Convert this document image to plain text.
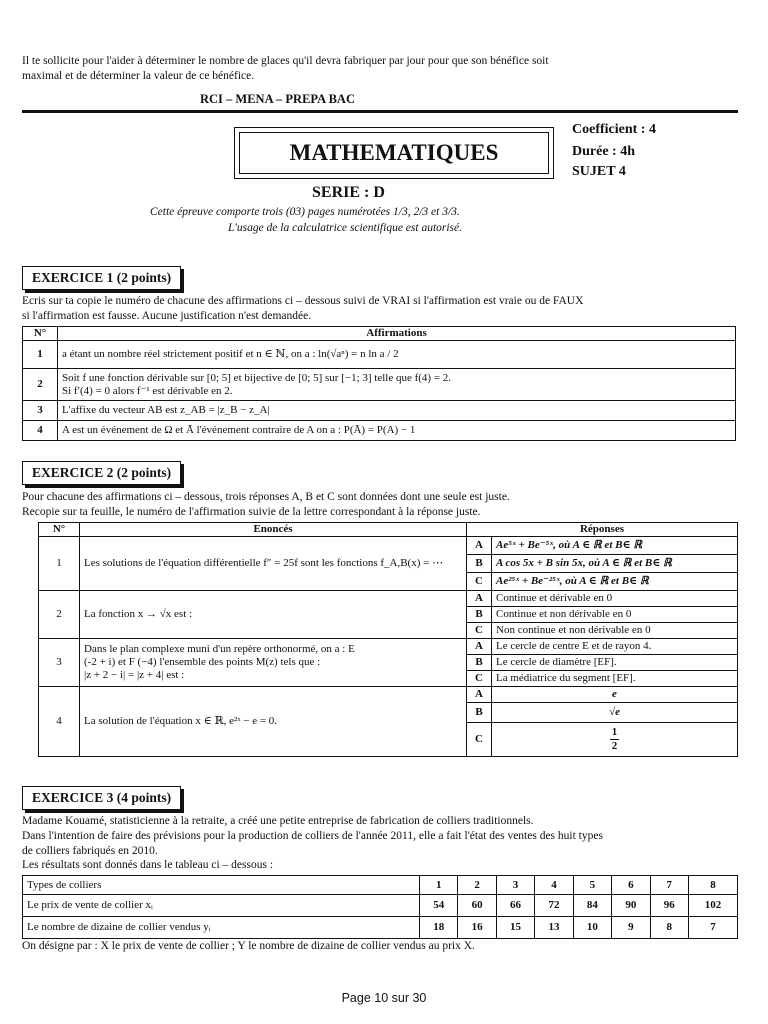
Il te sollicite pour l'aider à déterminer le nombre de glaces qu'il devra fabriquer par jour pour que son bénéfice soit
maximal et de déterminer la valeur de ce bénéfice.
RCI – MENA – PREPA BAC
MATHEMATIQUES
Coefficient : 4
Durée : 4h
SUJET 4
SERIE : D
Cette épreuve comporte trois (03) pages numérotées 1/3, 2/3 et 3/3.
L'usage de la calculatrice scientifique est autorisé.
EXERCICE 1 (2 points)
Ecris sur ta copie le numéro de chacune des affirmations ci – dessous suivi de VRAI si l'affirmation est vraie ou de FAUX
si l'affirmation est fausse. Aucune justification n'est demandée.
N°	Affirmations
1	a étant un nombre réel strictement positif et n ∈ ℕ, on a : ln(√aⁿ) = n ln a / 2
2	Soit f une fonction dérivable sur [0; 5] et bijective de [0; 5] sur [−1; 3] telle que f(4) = 2.
Si f′(4) = 0 alors f⁻¹ est dérivable en 2.

3	L'affixe du vecteur AB est z_AB = |z_B − z_A|
4	A est un événement de Ω et Ā l'événement contraire de A on a : P(Ā) = P(A) − 1
EXERCICE 2 (2 points)
Pour chacune des affirmations ci – dessous, trois réponses A, B et C sont données dont une seule est juste.
Recopie sur ta feuille, le numéro de l'affirmation suivie de la lettre correspondant à la réponse juste.
N°	Enoncés	Réponses	
1	Les solutions de l'équation différentielle f″ = 25f sont les fonctions f_A,B(x) = ⋯	A	Ae⁵ˣ + Be⁻⁵ˣ, où A ∈ ℝ et B∈ ℝ
		B	A cos 5x + B sin 5x, où A ∈ ℝ et B∈ ℝ
		C	Ae²⁵ˣ + Be⁻²⁵ˣ, où A ∈ ℝ et B∈ ℝ
2	La fonction x → √x est :	A	Continue et dérivable en 0
		B	Continue et non dérivable en 0
		C	Non continue et non dérivable en 0
3	Dans le plan complexe muni d'un repère orthonormé, on a : E
(-2 + i) et F (−4) l'ensemble des points M(z) tels que :
|z + 2 − i| = |z + 4| est :	A	Le cercle de centre E et de rayon 4.
		B	Le cercle de diamètre [EF].
		C	La médiatrice du segment [EF].
4	La solution de l'équation x ∈ ℝ, e²ˣ − e = 0.	A	e
		B	√e
		C	1
2
EXERCICE 3 (4 points)
Madame Kouamé, statisticienne à la retraite, a créé une petite entreprise de fabrication de colliers traditionnels.
Dans l'intention de faire des prévisions pour la production de colliers de l'année 2011, elle a fait l'état des ventes des huit types
de colliers fabriqués en 2010.
Les résultats sont donnés dans le tableau ci – dessous :
Types de colliers	1	2	3	4	5	6	7	8
Le prix de vente de collier xᵢ	54	60	66	72	84	90	96	102
Le nombre de dizaine de collier vendus yᵢ	18	16	15	13	10	9	8	7
On désigne par : X le prix de vente de collier ; Y le nombre de dizaine de collier vendus au prix X.
Page 10 sur 30
